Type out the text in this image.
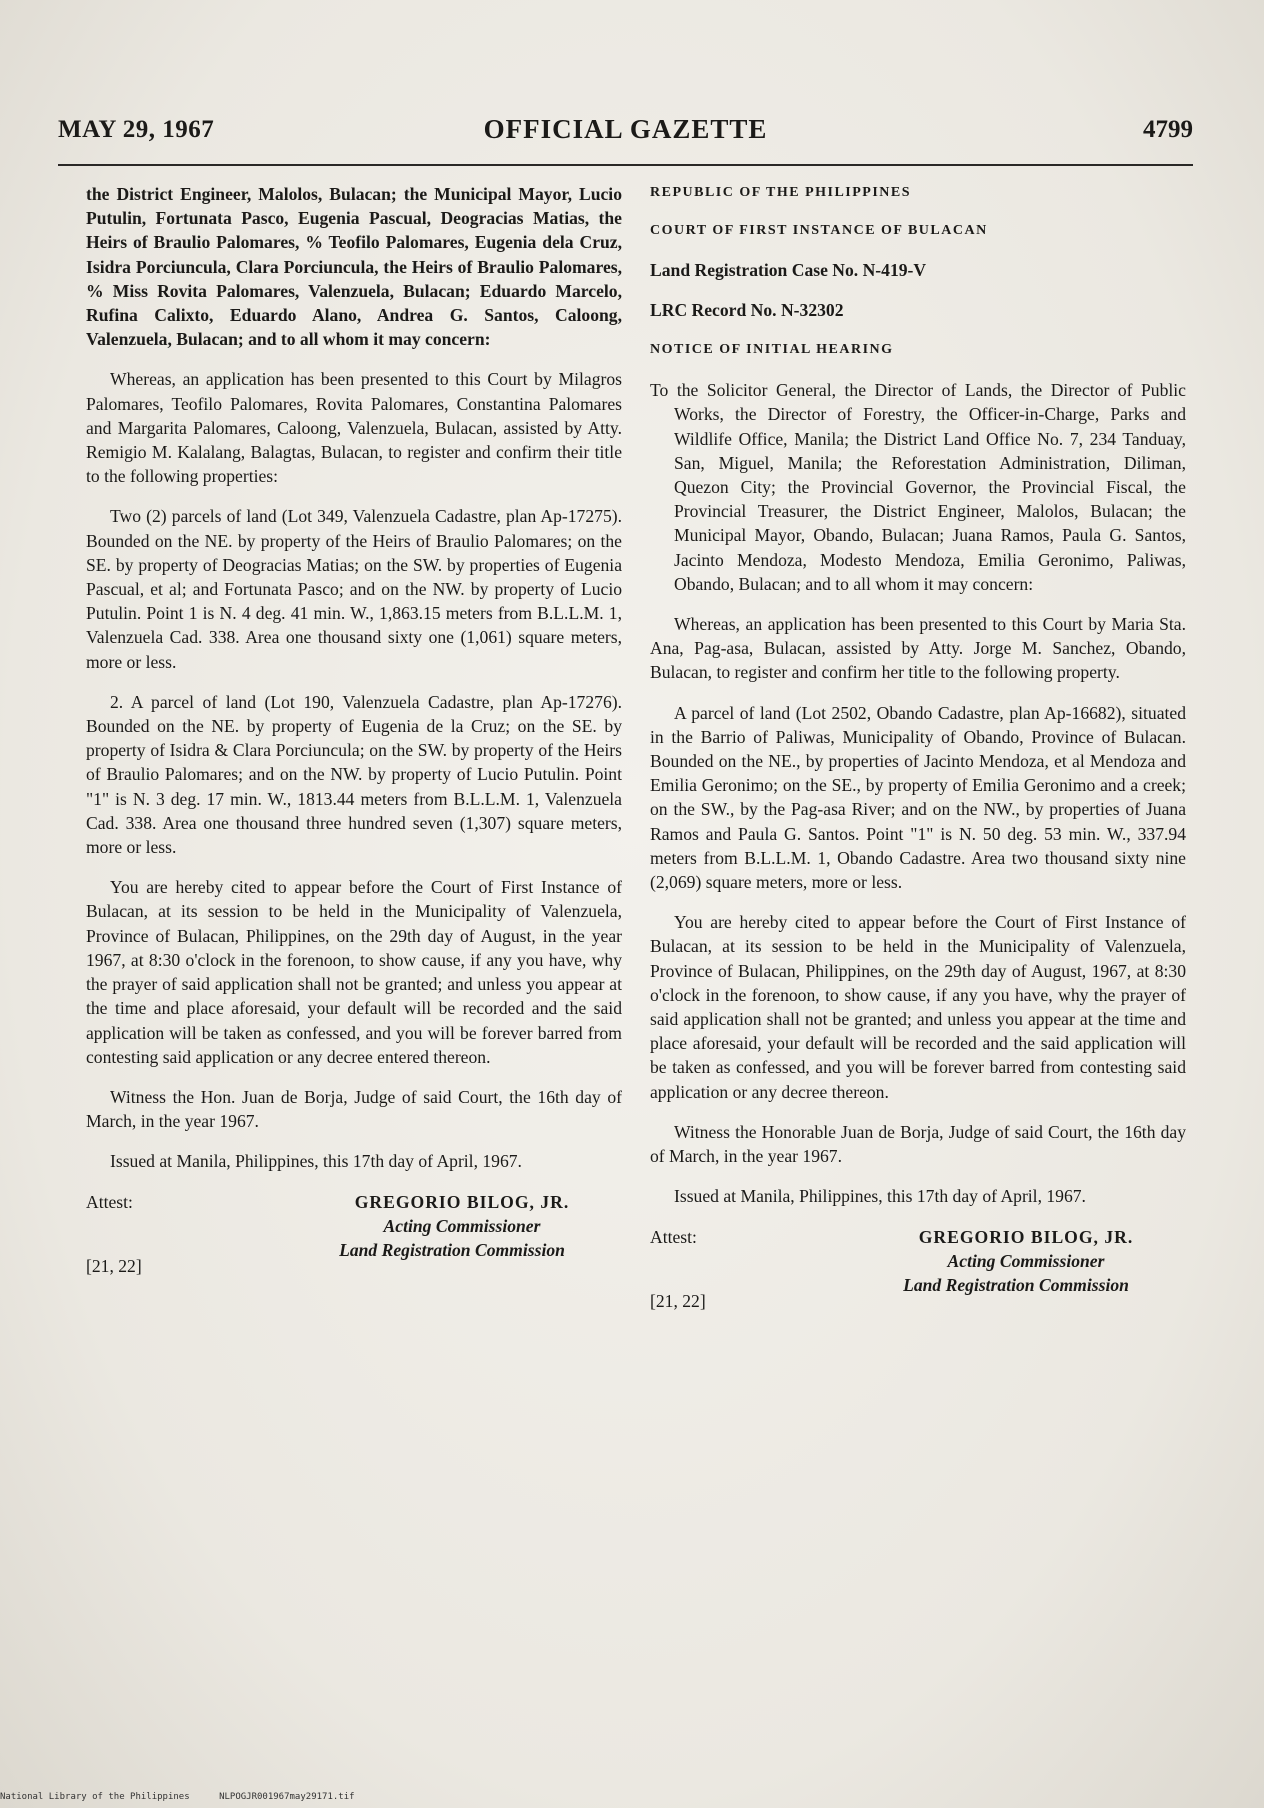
MAY 29, 1967	OFFICIAL GAZETTE	4799

the District Engineer, Malolos, Bulacan; the Municipal Mayor, Lucio Putulin, Fortunata Pasco, Eugenia Pascual, Deogracias Matias, the Heirs of Braulio Palomares, % Teofilo Palomares, Eugenia dela Cruz, Isidra Porciuncula, Clara Porciuncula, the Heirs of Braulio Palomares, % Miss Rovita Palomares, Valenzuela, Bulacan; Eduardo Marcelo, Rufina Calixto, Eduardo Alano, Andrea G. Santos, Caloong, Valenzuela, Bulacan; and to all whom it may concern:

Whereas, an application has been presented to this Court by Milagros Palomares, Teofilo Palomares, Rovita Palomares, Constantina Palomares and Margarita Palomares, Caloong, Valenzuela, Bulacan, assisted by Atty. Remigio M. Kalalang, Balagtas, Bulacan, to register and confirm their title to the following properties:

Two (2) parcels of land (Lot 349, Valenzuela Cadastre, plan Ap-17275). Bounded on the NE. by property of the Heirs of Braulio Palomares; on the SE. by property of Deogracias Matias; on the SW. by properties of Eugenia Pascual, et al; and Fortunata Pasco; and on the NW. by property of Lucio Putulin. Point 1 is N. 4 deg. 41 min. W., 1,863.15 meters from B.L.L.M. 1, Valenzuela Cad. 338. Area one thousand sixty one (1,061) square meters, more or less.

2. A parcel of land (Lot 190, Valenzuela Cadastre, plan Ap-17276). Bounded on the NE. by property of Eugenia de la Cruz; on the SE. by property of Isidra & Clara Porciuncula; on the SW. by property of the Heirs of Braulio Palomares; and on the NW. by property of Lucio Putulin. Point "1" is N. 3 deg. 17 min. W., 1813.44 meters from B.L.L.M. 1, Valenzuela Cad. 338. Area one thousand three hundred seven (1,307) square meters, more or less.

You are hereby cited to appear before the Court of First Instance of Bulacan, at its session to be held in the Municipality of Valenzuela, Province of Bulacan, Philippines, on the 29th day of August, in the year 1967, at 8:30 o'clock in the forenoon, to show cause, if any you have, why the prayer of said application shall not be granted; and unless you appear at the time and place aforesaid, your default will be recorded and the said application will be taken as confessed, and you will be forever barred from contesting said application or any decree entered thereon.

Witness the Hon. Juan de Borja, Judge of said Court, the 16th day of March, in the year 1967.

Issued at Manila, Philippines, this 17th day of April, 1967.

Attest:	GREGORIO BILOG, JR.
Acting Commissioner
Land Registration Commission
[21, 22]

REPUBLIC OF THE PHILIPPINES

COURT OF FIRST INSTANCE OF BULACAN

Land Registration Case No. N-419-V

LRC Record No. N-32302

NOTICE OF INITIAL HEARING

To the Solicitor General, the Director of Lands, the Director of Public Works, the Director of Forestry, the Officer-in-Charge, Parks and Wildlife Office, Manila; the District Land Office No. 7, 234 Tanduay, San, Miguel, Manila; the Reforestation Administration, Diliman, Quezon City; the Provincial Governor, the Provincial Fiscal, the Provincial Treasurer, the District Engineer, Malolos, Bulacan; the Municipal Mayor, Obando, Bulacan; Juana Ramos, Paula G. Santos, Jacinto Mendoza, Modesto Mendoza, Emilia Geronimo, Paliwas, Obando, Bulacan; and to all whom it may concern:

Whereas, an application has been presented to this Court by Maria Sta. Ana, Pag-asa, Bulacan, assisted by Atty. Jorge M. Sanchez, Obando, Bulacan, to register and confirm her title to the following property.

A parcel of land (Lot 2502, Obando Cadastre, plan Ap-16682), situated in the Barrio of Paliwas, Municipality of Obando, Province of Bulacan. Bounded on the NE., by properties of Jacinto Mendoza, et al Mendoza and Emilia Geronimo; on the SE., by property of Emilia Geronimo and a creek; on the SW., by the Pag-asa River; and on the NW., by properties of Juana Ramos and Paula G. Santos. Point "1" is N. 50 deg. 53 min. W., 337.94 meters from B.L.L.M. 1, Obando Cadastre. Area two thousand sixty nine (2,069) square meters, more or less.

You are hereby cited to appear before the Court of First Instance of Bulacan, at its session to be held in the Municipality of Valenzuela, Province of Bulacan, Philippines, on the 29th day of August, 1967, at 8:30 o'clock in the forenoon, to show cause, if any you have, why the prayer of said application shall not be granted; and unless you appear at the time and place aforesaid, your default will be recorded and the said application will be taken as confessed, and you will be forever barred from contesting said application or any decree thereon.

Witness the Honorable Juan de Borja, Judge of said Court, the 16th day of March, in the year 1967.

Issued at Manila, Philippines, this 17th day of April, 1967.

Attest:	GREGORIO BILOG, JR.
Acting Commissioner
Land Registration Commission
[21, 22]
National Library of the Philippines	NLPOGJR001967may29171.tif
